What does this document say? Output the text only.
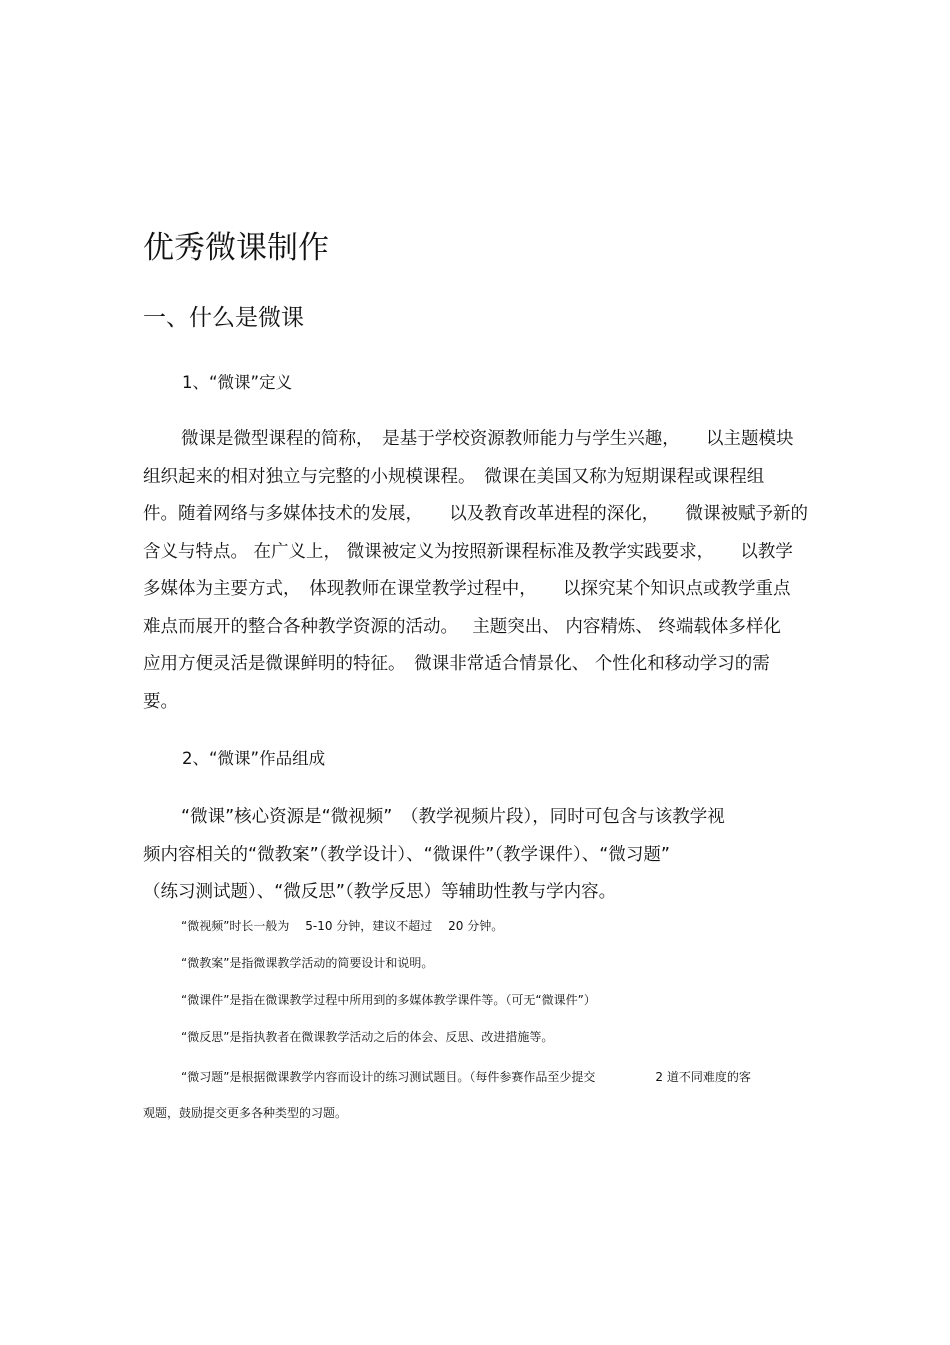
优秀微课制作
一、什么是微课
1、“微课”定义
微课是微型课程的简称，　是基于学校资源教师能力与学生兴趣，　　以主题模块
组织起来的相对独立与完整的小规模课程。　微课在美国又称为短期课程或课程组
件。随着网络与多媒体技术的发展，　　以及教育改革进程的深化，　　微课被赋予新的
含义与特点。 在广义上， 微课被定义为按照新课程标准及教学实践要求，　　以教学
多媒体为主要方式，　体现教师在课堂教学过程中，　　以探究某个知识点或教学重点
难点而展开的整合各种教学资源的活动。　 主题突出、 内容精炼、 终端载体多样化
应用方便灵活是微课鲜明的特征。　微课非常适合情景化、 个性化和移动学习的需
要。
2、“微课”作品组成
“微课”核心资源是“微视频”　（教学视频片段），同时可包含与该教学视
频内容相关的“微教案”（教学设计）、“微课件”（教学课件）、“微习题”
（练习测试题）、“微反思”（教学反思）等辅助性教与学内容。
“微视频”时长一般为　 5-10 分钟，建议不超过　 20 分钟。
“微教案”是指微课教学活动的简要设计和说明。
“微课件”是指在微课教学过程中所用到的多媒体教学课件等。（可无“微课件”）
“微反思”是指执教者在微课教学活动之后的体会、反思、改进措施等。
“微习题”是根据微课教学内容而设计的练习测试题目。（每件参赛作品至少提交　　　　　2 道不同难度的客
观题，鼓励提交更多各种类型的习题。
